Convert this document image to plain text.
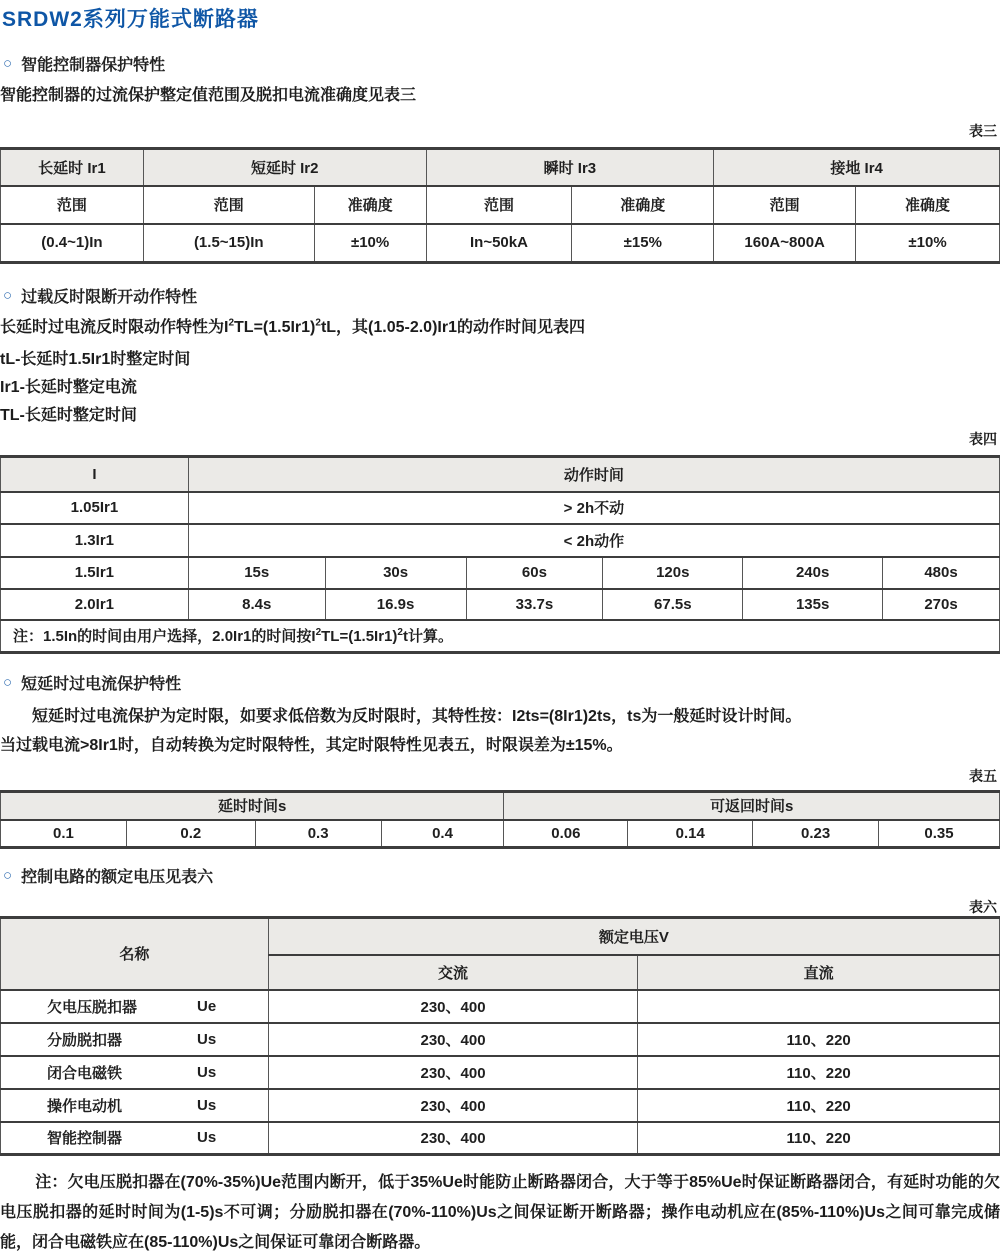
SRDW2系列万能式断路器
○ 智能控制器保护特性

智能控制器的过流保护整定值范围及脱扣电流准确度见表三

表三
长延时 Ir1	短延时 Ir2		瞬时 Ir3		接地 Ir4	
范围	范围	准确度	范围	准确度	范围	准确度
(0.4~1)In	(1.5~15)In	±10%	In~50kA	±15%	160A~800A	±10%
○ 过载反时限断开动作特性

长延时过电流反时限动作特性为$I^2TL=(1.5Ir1)^2tL$，其(1.05-2.0)Ir1的动作时间见表四

tL-长延时1.5Ir1时整定时间

Ir1-长延时整定电流

TL-长延时整定时间

表四
I	动作时间					
1.05Ir1	> 2h不动					
1.3Ir1	< 2h动作					
1.5Ir1	15s	30s	60s	120s	240s	480s
2.0Ir1	8.4s	16.9s	33.7s	67.5s	135s	270s
注：1.5In的时间由用户选择，2.0Ir1的时间按$I^2TL=(1.5Ir1)^2t$计算。						
○ 短延时过电流保护特性

短延时过电流保护为定时限，如要求低倍数为反时限时，其特性按：I2ts=(8Ir1)2ts，ts为一般延时设计时间。

当过载电流>8Ir1时，自动转换为定时限特性，其定时限特性见表五，时限误差为±15%。

表五
延时时间s				可返回时间s			
0.1	0.2	0.3	0.4	0.06	0.14	0.23	0.35
○ 控制电路的额定电压见表六
表六
名称	额定电压V	
	交流	直流

欠电压脱扣器 Ue	230、400	

分励脱扣器 Us	230、400	110、220

闭合电磁铁 Us	230、400	110、220

操作电动机 Us	230、400	110、220

智能控制器 Us	230、400	110、220

注：欠电压脱扣器在(70%-35%)Ue范围内断开，低于35%Ue时能防止断路器闭合，大于等于85%Ue时保证断路器闭合，有延时功能的欠电压脱扣器的延时时间为(1-5)s不可调；分励脱扣器在(70%-110%)Us之间保证断开断路器；操作电动机应在(85%-110%)Us之间可靠完成储能，闭合电磁铁应在(85-110%)Us之间保证可靠闭合断路器。
